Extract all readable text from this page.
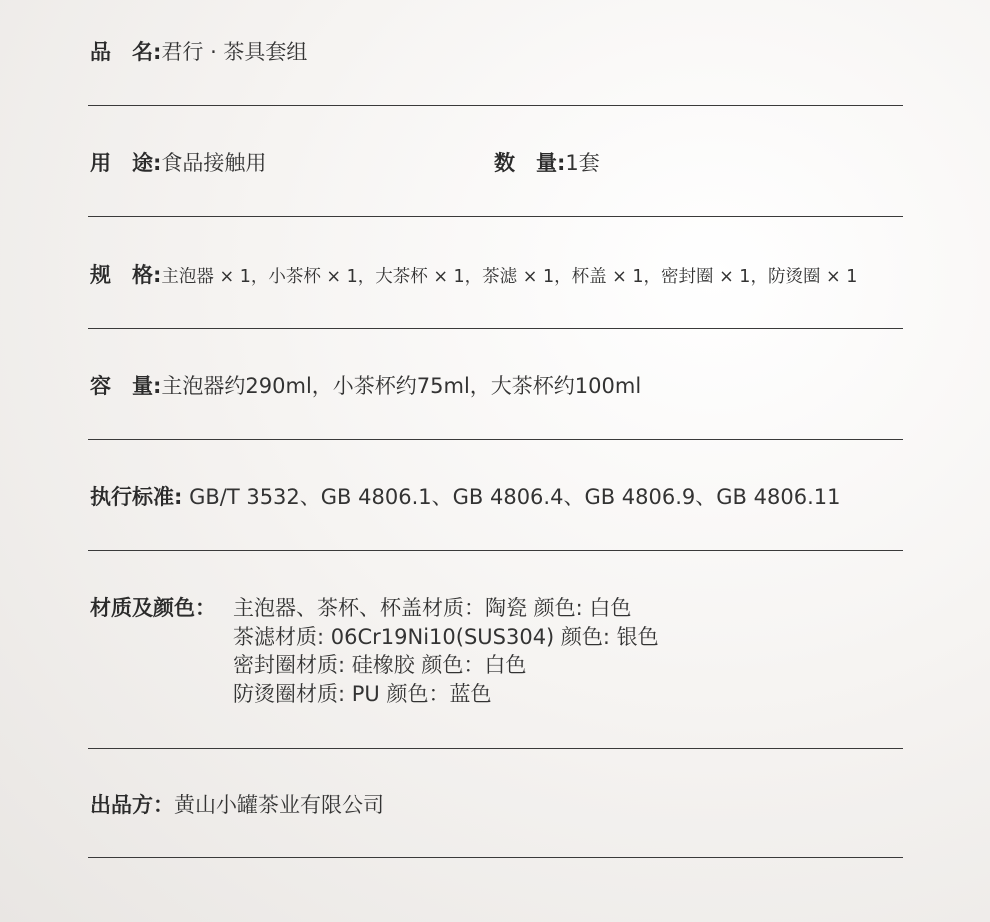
品　名:君行 · 茶具套组
用　途:食品接触用	数　量:1套
规　格:主泡器 × 1，小茶杯 × 1，大茶杯 × 1，茶滤 × 1，杯盖 × 1，密封圈 × 1，防烫圈 × 1
容　量:主泡器约290ml，小茶杯约75ml，大茶杯约100ml
执行标准: GB/T 3532、GB 4806.1、GB 4806.4、GB 4806.9、GB 4806.11
材质及颜色： 主泡器、茶杯、杯盖材质：陶瓷 颜色: 白色
茶滤材质: 06Cr19Ni10(SUS304) 颜色: 银色
密封圈材质: 硅橡胶 颜色：白色
防烫圈材质: PU 颜色：蓝色
出品方：黄山小罐茶业有限公司
